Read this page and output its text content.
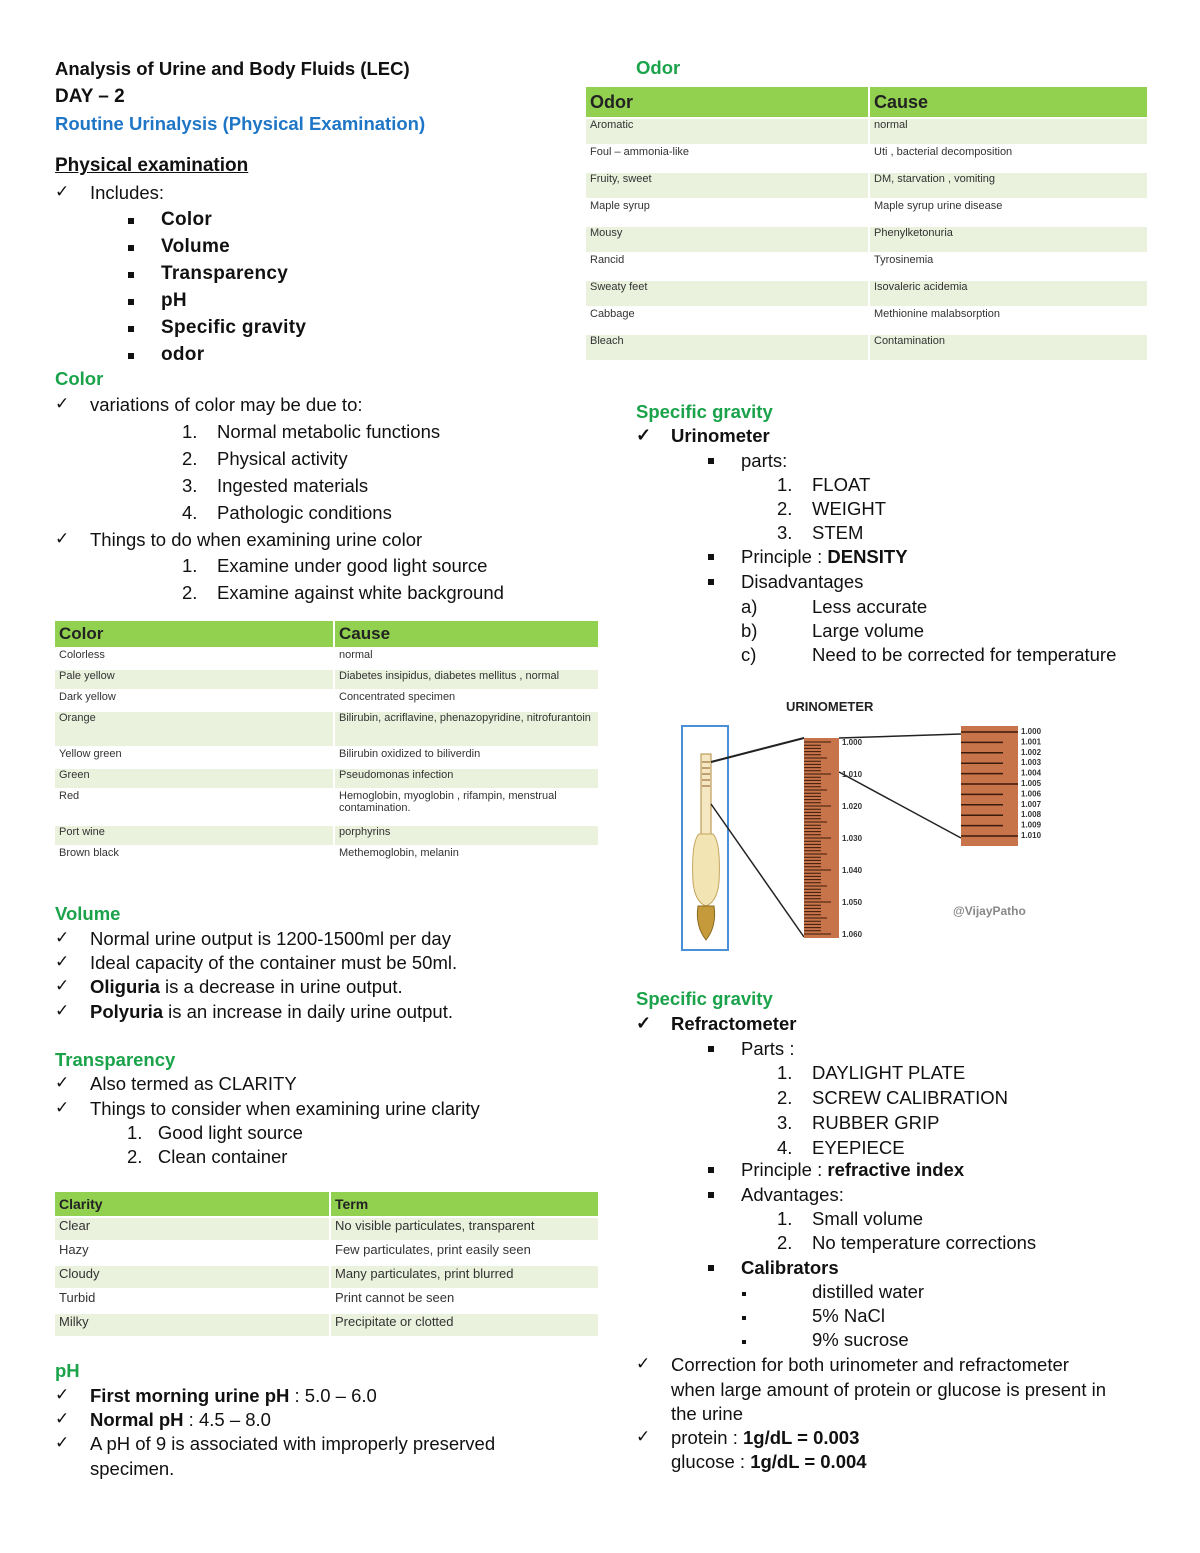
Analysis of Urine and Body Fluids (LEC)
DAY – 2
Routine Urinalysis (Physical Examination)
Physical examination
✓ Includes:
Color
Volume
Transparency
pH
Specific gravity
odor
Color
✓ variations of color may be due to:
1. Normal metabolic functions
2. Physical activity
3. Ingested materials
4. Pathologic conditions
✓ Things to do when examining urine color
1. Examine under good light source
2. Examine against white background
Color	Cause
Colorless	normal
Pale yellow	Diabetes insipidus, diabetes mellitus , normal
Dark yellow	Concentrated specimen
Orange	Bilirubin, acriflavine, phenazopyridine, nitrofurantoin
Yellow green	Bilirubin oxidized to biliverdin
Green	Pseudomonas infection
Red	Hemoglobin, myoglobin , rifampin, menstrual contamination.
Port wine	porphyrins
Brown black	Methemoglobin, melanin
Volume
✓ Normal urine output is 1200-1500ml per day
✓ Ideal capacity of the container must be 50ml.
✓ Oliguria is a decrease in urine output.
✓ Polyuria is an increase in daily urine output.
Transparency
✓ Also termed as CLARITY
✓ Things to consider when examining urine clarity
1.   Good light source
2.   Clean container
Clarity	Term
Clear	No visible particulates, transparent
Hazy	Few particulates, print easily seen
Cloudy	Many particulates, print blurred
Turbid	Print cannot be seen
Milky	Precipitate or clotted
pH
✓ First morning urine pH : 5.0 – 6.0
✓ Normal pH : 4.5 – 8.0
✓ A pH of 9 is associated with improperly preserved
specimen.
Odor
Odor	Cause
Aromatic	normal
Foul – ammonia-like	Uti , bacterial decomposition
Fruity, sweet	DM, starvation , vomiting
Maple syrup	Maple syrup urine disease
Mousy	Phenylketonuria
Rancid	Tyrosinemia
Sweaty feet	Isovaleric acidemia
Cabbage	Methionine malabsorption
Bleach	Contamination
Specific gravity
✓ Urinometer
parts:
1. FLOAT
2. WEIGHT
3. STEM
Principle : DENSITY
Disadvantages
a)	Less accurate
b)	Large volume
c)	Need to be corrected for temperature
URINOMETER
1.000
1.010
1.020
1.030
1.040
1.050
1.060
1.000
1.001
1.002
1.003
1.004
1.005
1.006
1.007
1.008
1.009
1.010
@VijayPatho
Specific gravity
✓ Refractometer
Parts :
1. DAYLIGHT PLATE
2. SCREW CALIBRATION
3. RUBBER GRIP
4. EYEPIECE
Principle : refractive index
Advantages:
1. Small volume
2. No temperature corrections
Calibrators
distilled water
5% NaCl
9% sucrose
✓ Correction for both urinometer and refractometer
when large amount of protein or glucose is present in
the urine
✓ protein : 1g/dL = 0.003
glucose : 1g/dL = 0.004
